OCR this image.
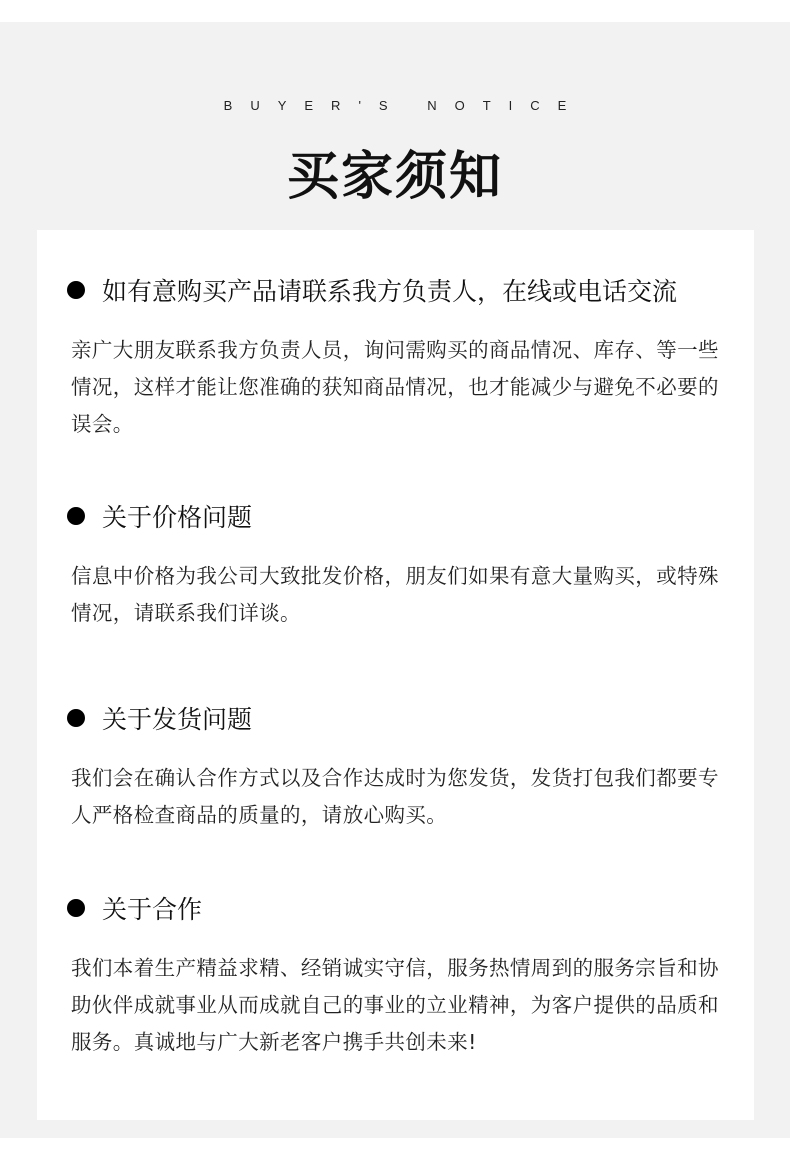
BUYER'S NOTICE
买家须知
如有意购买产品请联系我方负责人，在线或电话交流
亲广大朋友联系我方负责人员，询问需购买的商品情况、库存、等一些情况，这样才能让您准确的获知商品情况，也才能减少与避免不必要的误会。
关于价格问题
信息中价格为我公司大致批发价格，朋友们如果有意大量购买，或特殊情况，请联系我们详谈。
关于发货问题
我们会在确认合作方式以及合作达成时为您发货，发货打包我们都要专人严格检查商品的质量的，请放心购买。
关于合作
我们本着生产精益求精、经销诚实守信，服务热情周到的服务宗旨和协助伙伴成就事业从而成就自己的事业的立业精神，为客户提供的品质和服务。真诚地与广大新老客户携手共创未来!
